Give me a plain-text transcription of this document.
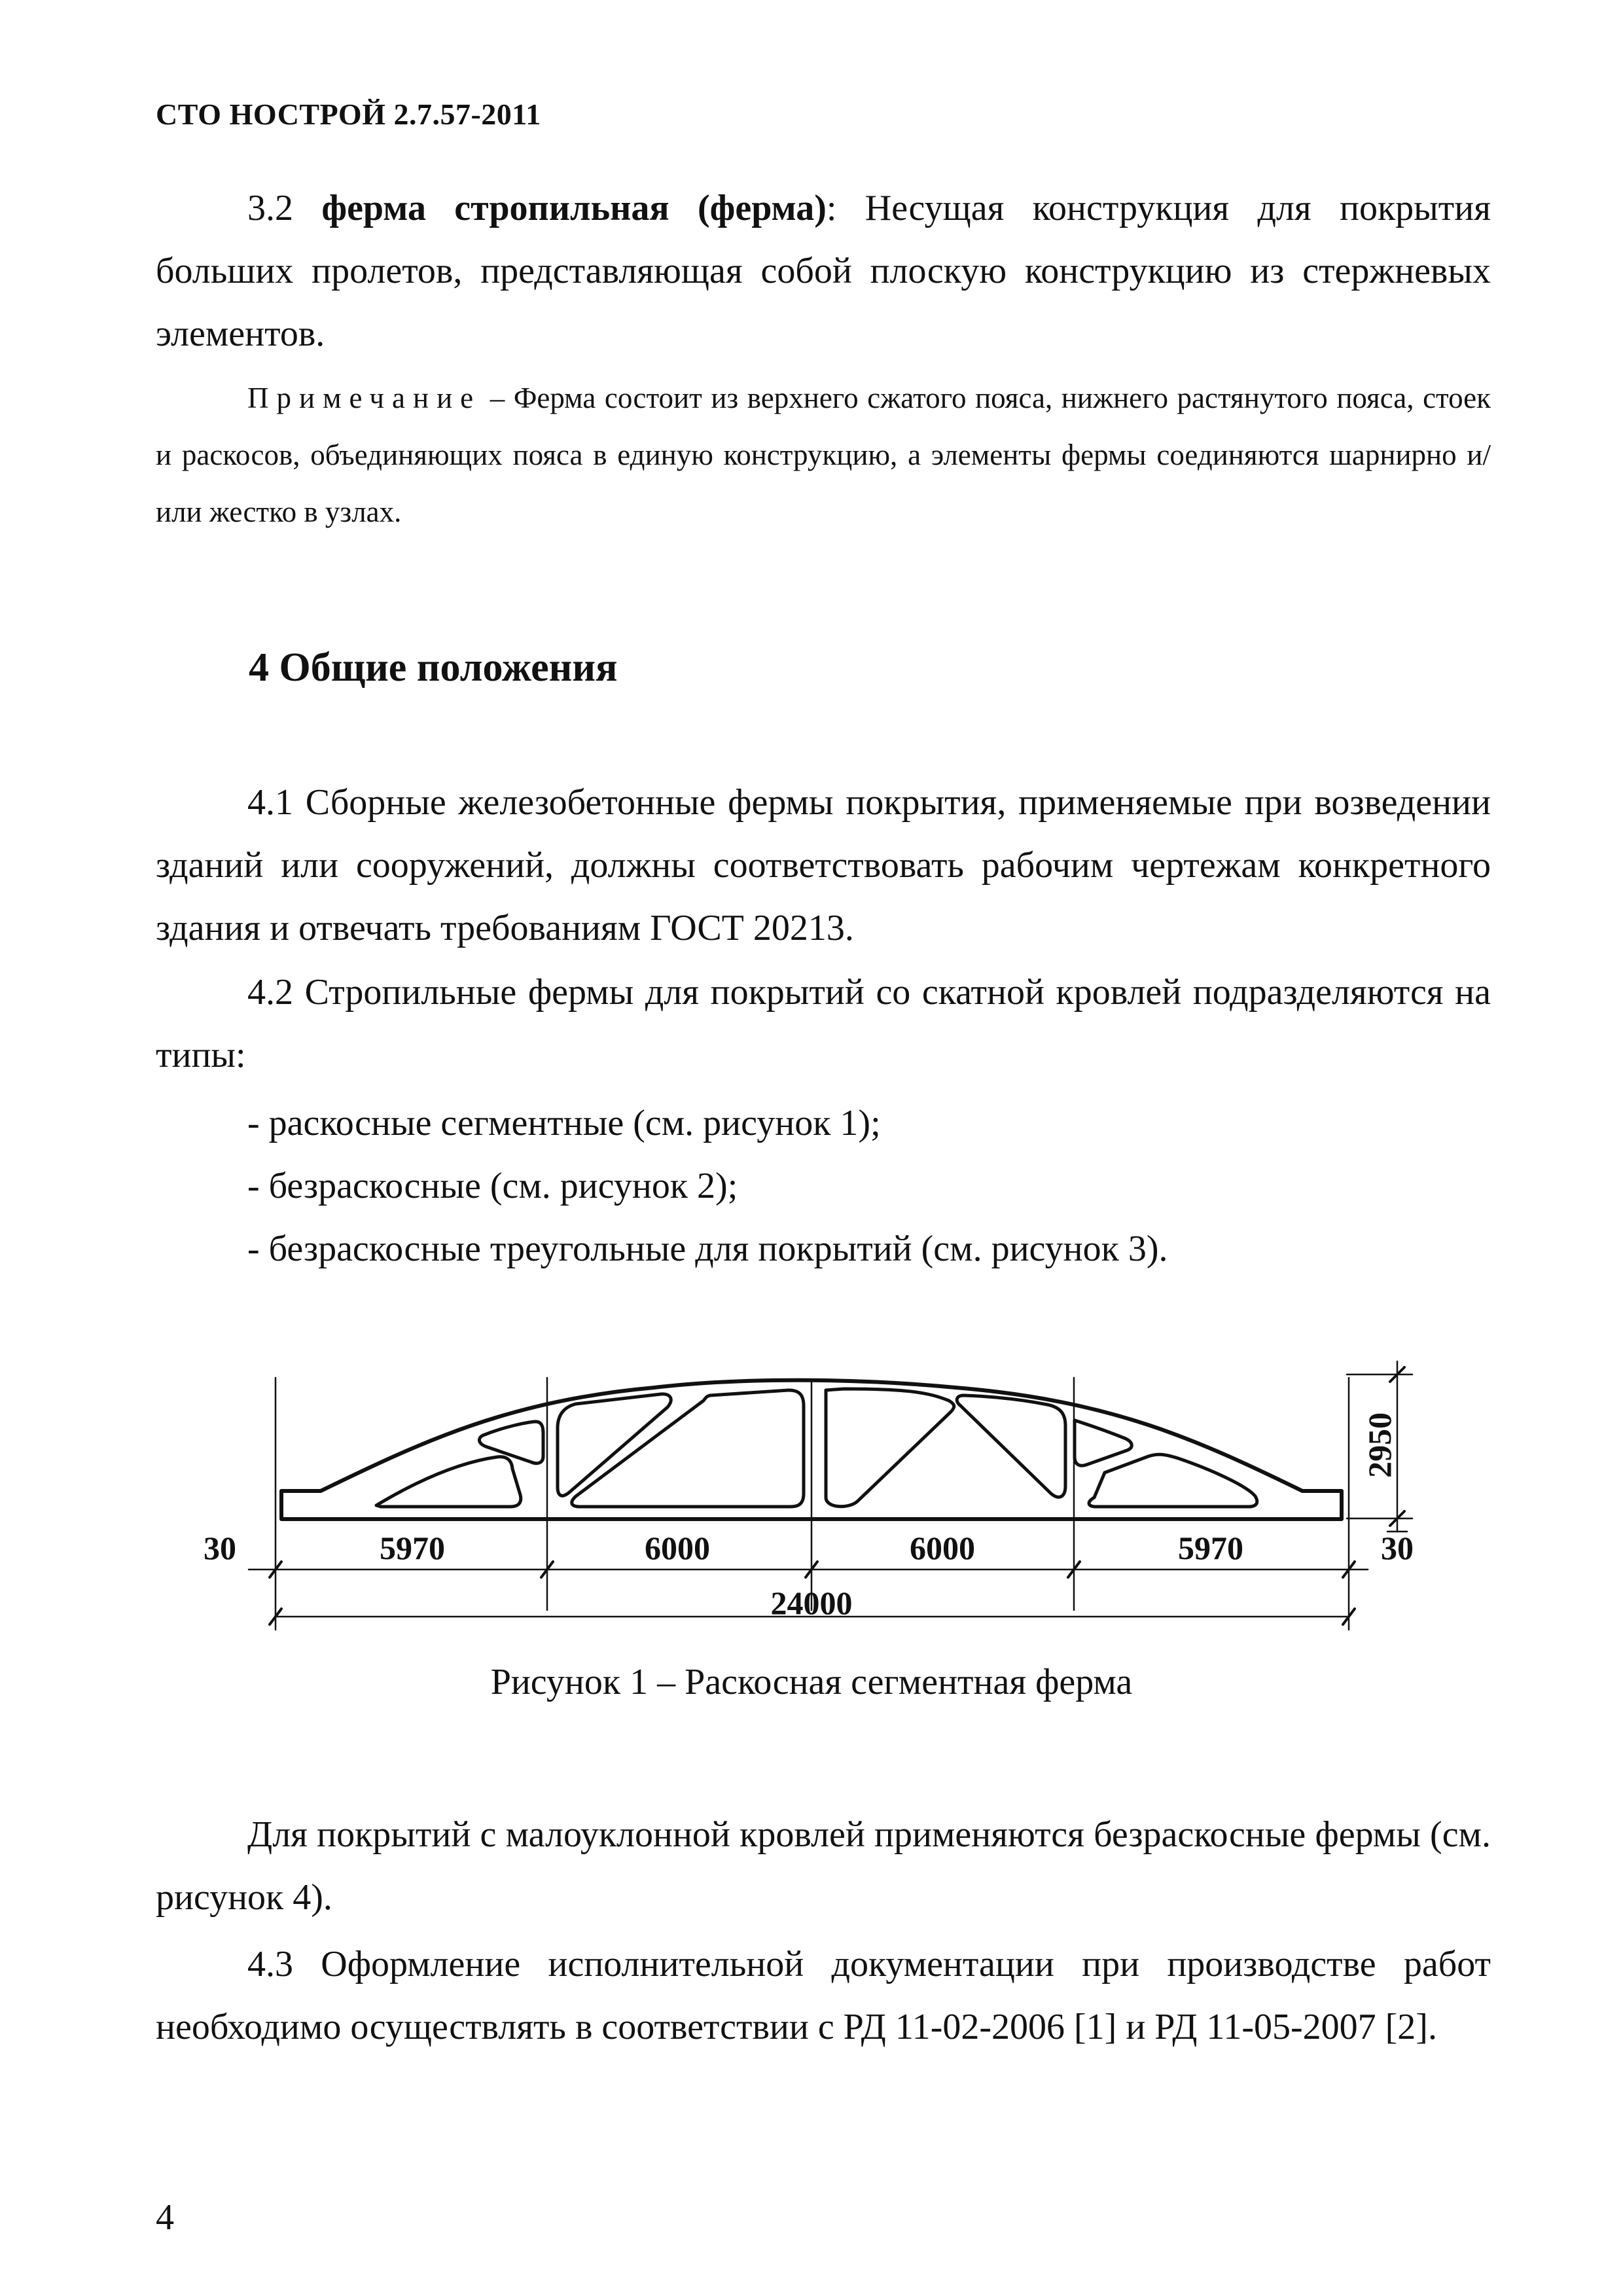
СТО НОСТРОЙ 2.7.57-2011
3.2 ферма стропильная (ферма): Несущая конструкция для покрытия больших пролетов, представляющая собой плоскую конструкцию из стержневых элементов.
Примечание – Ферма состоит из верхнего сжатого пояса, нижнего растянутого пояса, стоек и раскосов, объединяющих пояса в единую конструкцию, а элементы фермы соединяются шарнирно и/или жестко в узлах.
4 Общие положения
4.1 Сборные железобетонные фермы покрытия, применяемые при возведении зданий или сооружений, должны соответствовать рабочим чертежам конкретного здания и отвечать требованиям ГОСТ 20213.
4.2 Стропильные фермы для покрытий со скатной кровлей подразделяются на типы:
- раскосные сегментные (см. рисунок 1);
- безраскосные (см. рисунок 2);
- безраскосные треугольные для покрытий (см. рисунок 3).
30	5970	6000	6000	5970	30
24000
2950
Рисунок 1 – Раскосная сегментная ферма
Для покрытий с малоуклонной кровлей применяются безраскосные фермы (см. рисунок 4).
4.3 Оформление исполнительной документации при производстве работ необходимо осуществлять в соответствии с РД 11-02-2006 [1] и РД 11-05-2007 [2].
4
